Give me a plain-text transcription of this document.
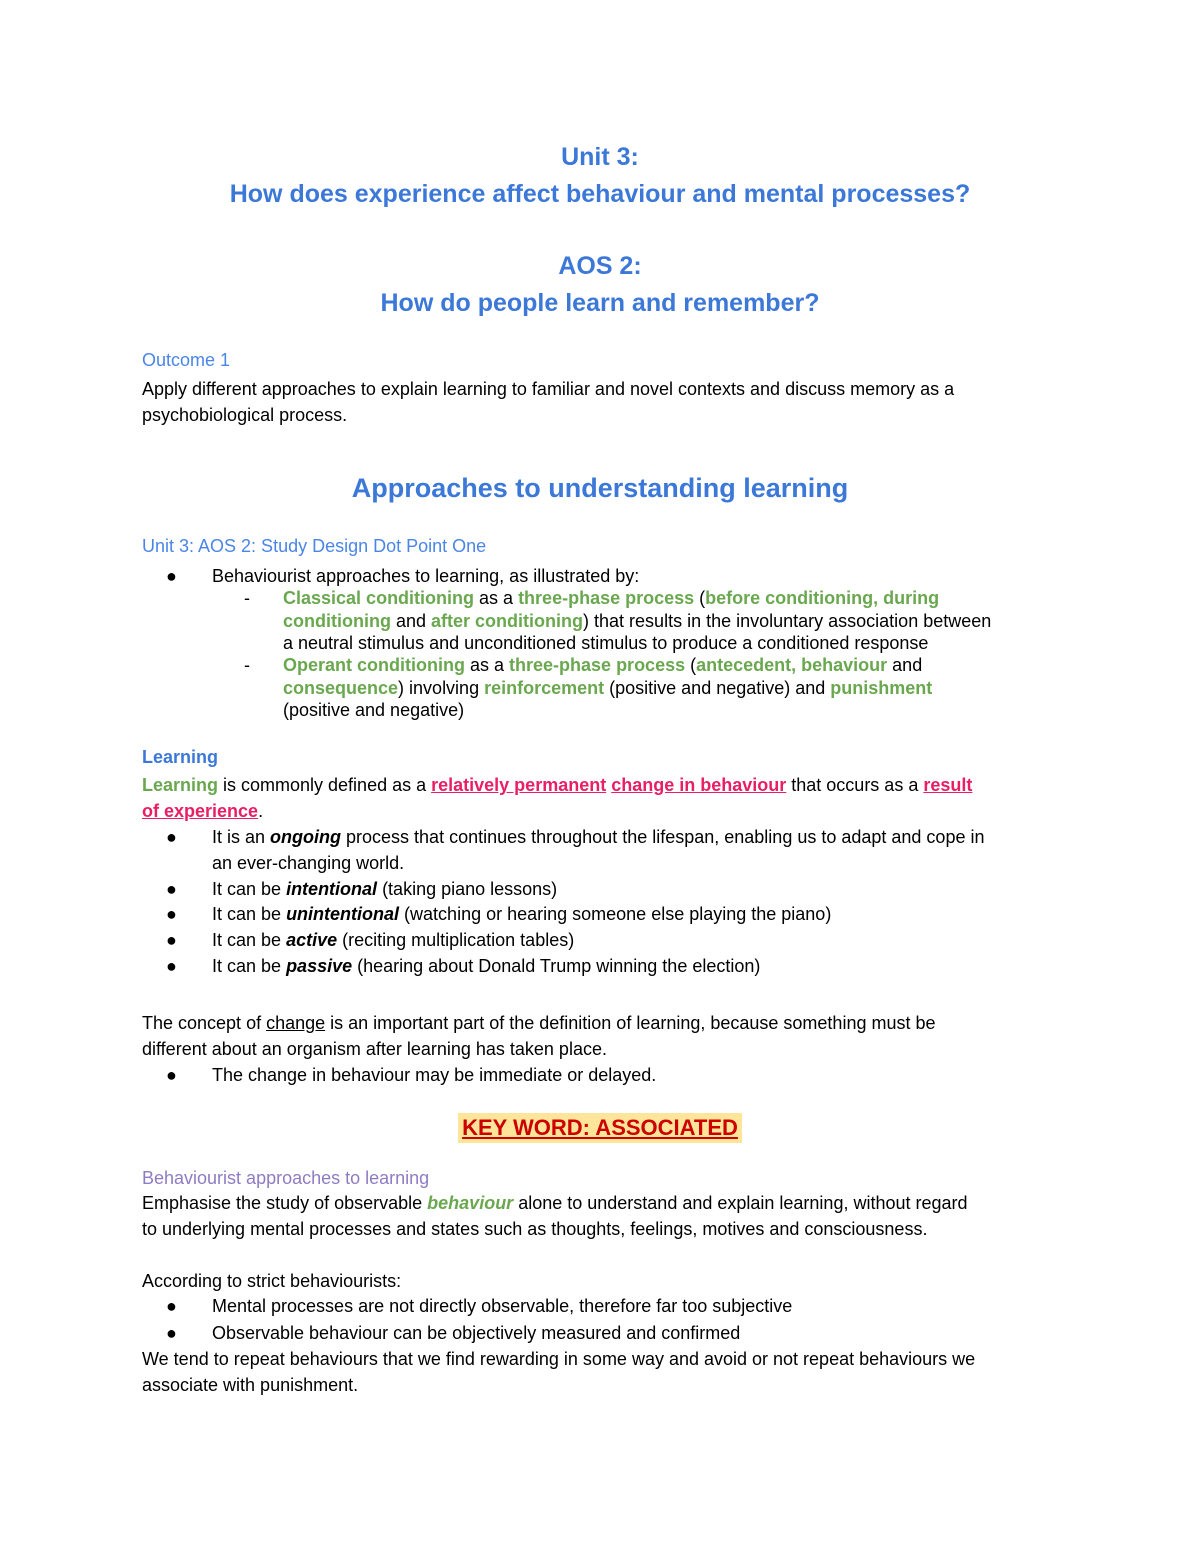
Unit 3:
How does experience affect behaviour and mental processes?
AOS 2:
How do people learn and remember?
Outcome 1
Apply different approaches to explain learning to familiar and novel contexts and discuss memory as a
psychobiological process.
Approaches to understanding learning
Unit 3: AOS 2: Study Design Dot Point One
● Behaviourist approaches to learning, as illustrated by:
- Classical conditioning as a three-phase process (before conditioning, during
conditioning and after conditioning) that results in the involuntary association between
a neutral stimulus and unconditioned stimulus to produce a conditioned response
- Operant conditioning as a three-phase process (antecedent, behaviour and
consequence) involving reinforcement (positive and negative) and punishment
(positive and negative)
Learning
Learning is commonly defined as a relatively permanent change in behaviour that occurs as a result
of experience.
● It is an ongoing process that continues throughout the lifespan, enabling us to adapt and cope in
an ever-changing world.
● It can be intentional (taking piano lessons)
● It can be unintentional (watching or hearing someone else playing the piano)
● It can be active (reciting multiplication tables)
● It can be passive (hearing about Donald Trump winning the election)
The concept of change is an important part of the definition of learning, because something must be
different about an organism after learning has taken place.
● The change in behaviour may be immediate or delayed.
KEY WORD: ASSOCIATED
Behaviourist approaches to learning
Emphasise the study of observable behaviour alone to understand and explain learning, without regard
to underlying mental processes and states such as thoughts, feelings, motives and consciousness.
According to strict behaviourists:
● Mental processes are not directly observable, therefore far too subjective
● Observable behaviour can be objectively measured and confirmed
We tend to repeat behaviours that we find rewarding in some way and avoid or not repeat behaviours we
associate with punishment.
